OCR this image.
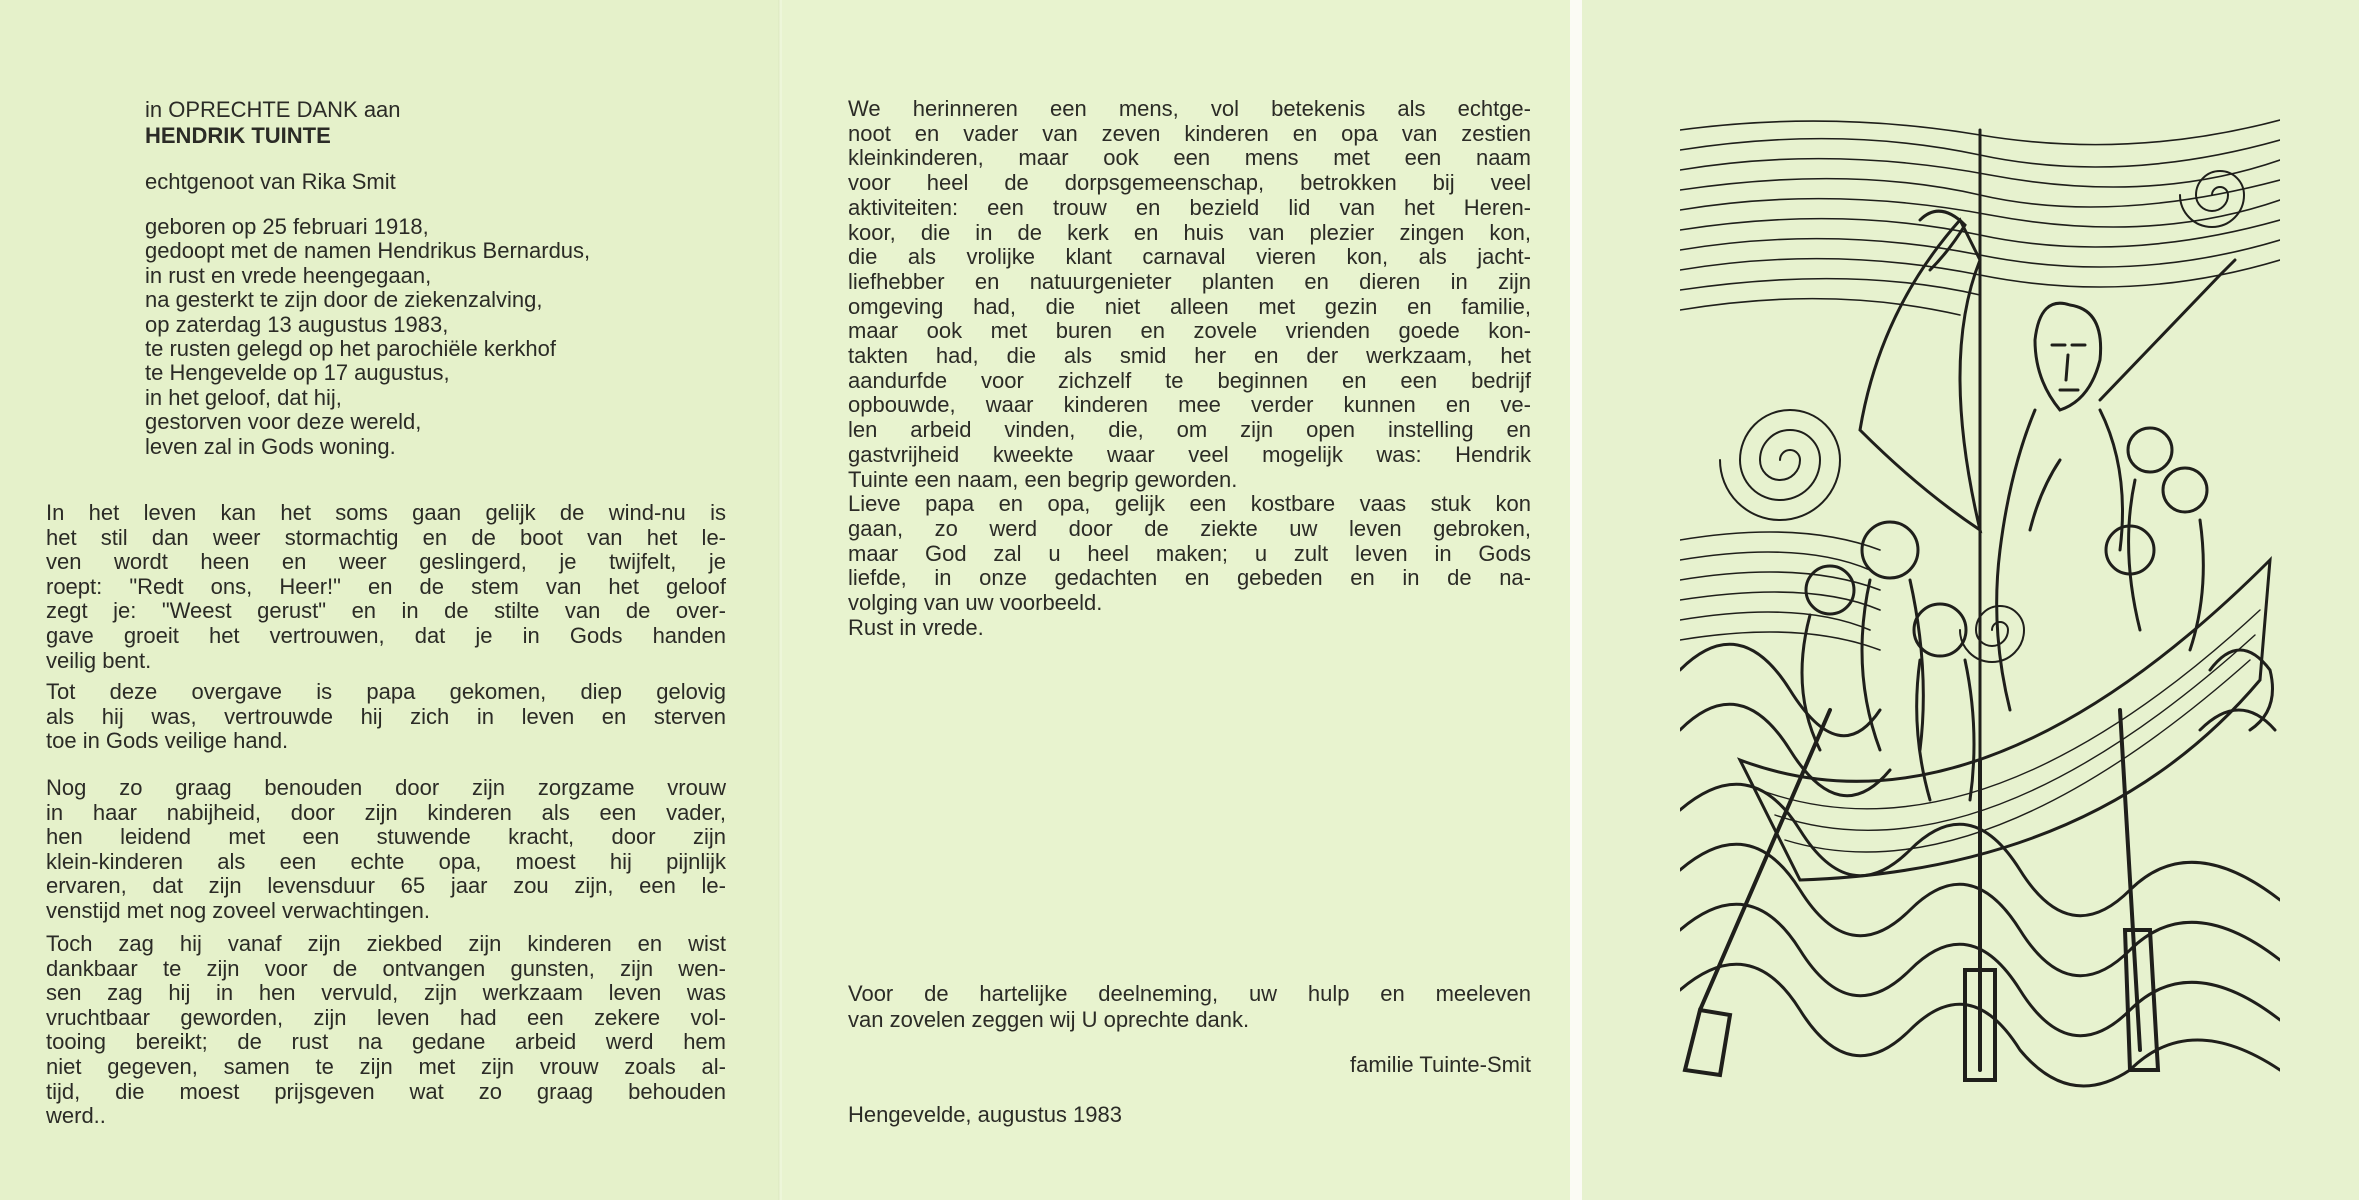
in OPRECHTE DANK aan
HENDRIK TUINTE
echtgenoot van Rika Smit
geboren op 25 februari 1918,
gedoopt met de namen Hendrikus Bernardus,
in rust en vrede heengegaan,
na gesterkt te zijn door de ziekenzalving,
op zaterdag 13 augustus 1983,
te rusten gelegd op het parochiële kerkhof
te Hengevelde op 17 augustus,
in het geloof, dat hij,
gestorven voor deze wereld,
leven zal in Gods woning.
In het leven kan het soms gaan gelijk de wind-nu is
het stil dan weer stormachtig en de boot van het le-
ven wordt heen en weer geslingerd, je twijfelt, je
roept: "Redt ons, Heer!" en de stem van het geloof
zegt je: "Weest gerust" en in de stilte van de over-
gave groeit het vertrouwen, dat je in Gods handen
veilig bent.
Tot deze overgave is papa gekomen, diep gelovig
als hij was, vertrouwde hij zich in leven en sterven
toe in Gods veilige hand.
Nog zo graag benouden door zijn zorgzame vrouw
in haar nabijheid, door zijn kinderen als een vader,
hen leidend met een stuwende kracht, door zijn
klein-kinderen als een echte opa, moest hij pijnlijk
ervaren, dat zijn levensduur 65 jaar zou zijn, een le-
venstijd met nog zoveel verwachtingen.
Toch zag hij vanaf zijn ziekbed zijn kinderen en wist
dankbaar te zijn voor de ontvangen gunsten, zijn wen-
sen zag hij in hen vervuld, zijn werkzaam leven was
vruchtbaar geworden, zijn leven had een zekere vol-
tooing bereikt; de rust na gedane arbeid werd hem
niet gegeven, samen te zijn met zijn vrouw zoals al-
tijd, die moest prijsgeven wat zo graag behouden
werd..
We herinneren een mens, vol betekenis als echtge-
noot en vader van zeven kinderen en opa van zestien
kleinkinderen, maar ook een mens met een naam
voor heel de dorpsgemeenschap, betrokken bij veel
aktiviteiten: een trouw en bezield lid van het Heren-
koor, die in de kerk en huis van plezier zingen kon,
die als vrolijke klant carnaval vieren kon, als jacht-
liefhebber en natuurgenieter planten en dieren in zijn
omgeving had, die niet alleen met gezin en familie,
maar ook met buren en zovele vrienden goede kon-
takten had, die als smid her en der werkzaam, het
aandurfde voor zichzelf te beginnen en een bedrijf
opbouwde, waar kinderen mee verder kunnen en ve-
len arbeid vinden, die, om zijn open instelling en
gastvrijheid kweekte waar veel mogelijk was: Hendrik
Tuinte een naam, een begrip geworden.
Lieve papa en opa, gelijk een kostbare vaas stuk kon
gaan, zo werd door de ziekte uw leven gebroken,
maar God zal u heel maken; u zult leven in Gods
liefde, in onze gedachten en gebeden en in de na-
volging van uw voorbeeld.
Rust in vrede.
Voor de hartelijke deelneming, uw hulp en meeleven
van zovelen zeggen wij U oprechte dank.
familie Tuinte-Smit
Hengevelde, augustus 1983
